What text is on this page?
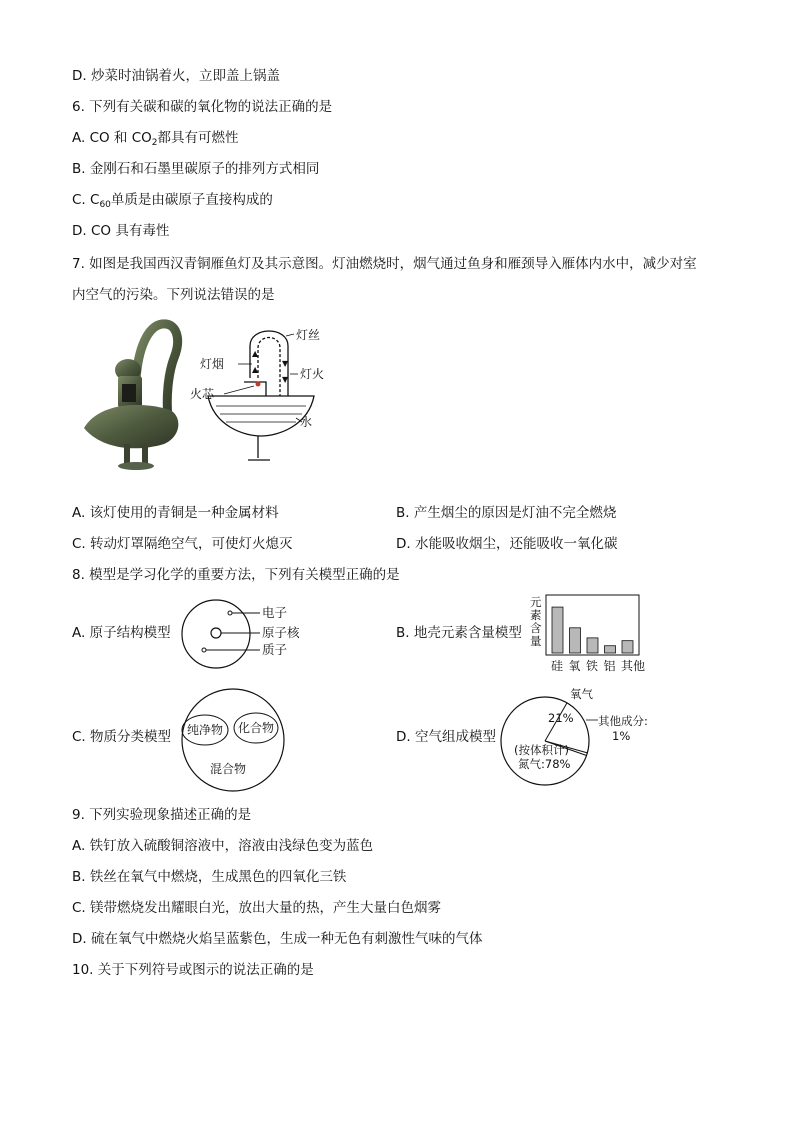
D. 炒菜时油锅着火，立即盖上锅盖
6. 下列有关碳和碳的氧化物的说法正确的是
A. CO 和 $CO_2$都具有可燃性
B. 金刚石和石墨里碳原子的排列方式相同
C. $C_{60}$单质是由碳原子直接构成的
D. CO 具有毒性
7. 如图是我国西汉青铜雁鱼灯及其示意图。灯油燃烧时，烟气通过鱼身和雁颈导入雁体内水中，减少对室
内空气的污染。下列说法错误的是
▲
▲
▼
▼
灯丝
灯烟
灯火
火芯
水
A. 该灯使用的青铜是一种金属材料	B. 产生烟尘的原因是灯油不完全燃烧
C. 转动灯罩隔绝空气，可使灯火熄灭	D. 水能吸收烟尘，还能吸收一氧化碳
8. 模型是学习化学的重要方法，下列有关模型正确的是
A. 原子结构模型
电子
原子核
质子
B. 地壳元素含量模型
元
素
含
量
硅 氧 铁 铝 其他
C. 物质分类模型 纯净物 化合物
混合物
D. 空气组成模型
氧气
21% 其他成分:
1%
(按体积计)
氮气:78%
9. 下列实验现象描述正确的是
A. 铁钉放入硫酸铜溶液中，溶液由浅绿色变为蓝色
B. 铁丝在氧气中燃烧，生成黑色的四氧化三铁
C. 镁带燃烧发出耀眼白光，放出大量的热，产生大量白色烟雾
D. 硫在氧气中燃烧火焰呈蓝紫色，生成一种无色有刺激性气味的气体
10. 关于下列符号或图示的说法正确的是
